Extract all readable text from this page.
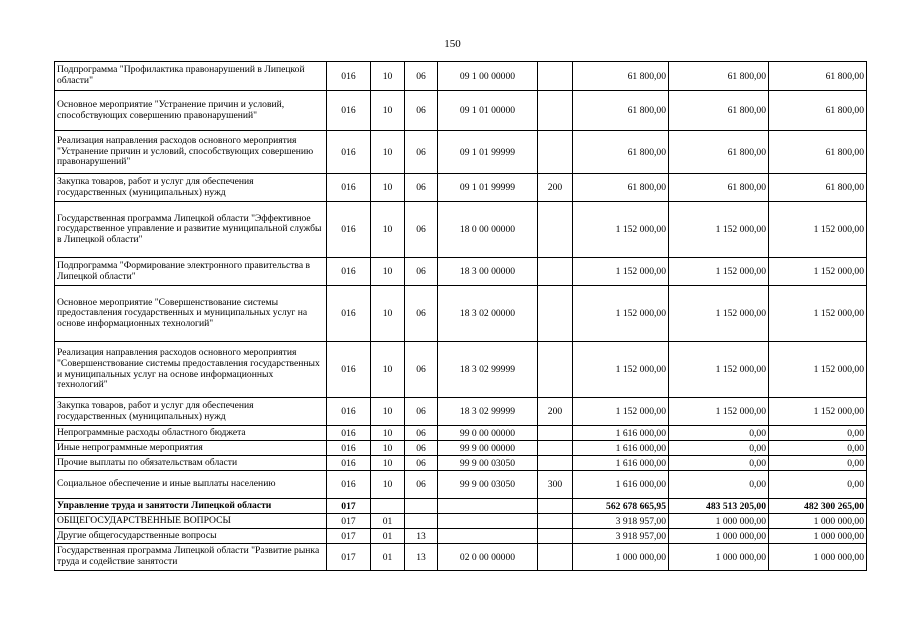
150
Подпрограмма "Профилактика правонарушений в Липецкой области"	016	10	06	09 1 00 00000		61 800,00	61 800,00	61 800,00
Основное мероприятие "Устранение причин и условий, способствующих совершению правонарушений"	016	10	06	09 1 01 00000		61 800,00	61 800,00	61 800,00
Реализация направления расходов основного мероприятия "Устранение причин и условий, способствующих совершению правонарушений"	016	10	06	09 1 01 99999		61 800,00	61 800,00	61 800,00
Закупка товаров, работ и услуг для обеспечения государственных (муниципальных) нужд	016	10	06	09 1 01 99999	200	61 800,00	61 800,00	61 800,00
Государственная программа Липецкой области "Эффективное государственное управление и развитие муниципальной службы в Липецкой области"	016	10	06	18 0 00 00000		1 152 000,00	1 152 000,00	1 152 000,00
Подпрограмма "Формирование электронного правительства в Липецкой области"	016	10	06	18 3 00 00000		1 152 000,00	1 152 000,00	1 152 000,00
Основное мероприятие "Совершенствование системы предоставления государственных и муниципальных услуг на основе информационных технологий"	016	10	06	18 3 02 00000		1 152 000,00	1 152 000,00	1 152 000,00
Реализация направления расходов основного мероприятия "Совершенствование системы предоставления государственных и муниципальных услуг на основе информационных технологий"	016	10	06	18 3 02 99999		1 152 000,00	1 152 000,00	1 152 000,00
Закупка товаров, работ и услуг для обеспечения государственных (муниципальных) нужд	016	10	06	18 3 02 99999	200	1 152 000,00	1 152 000,00	1 152 000,00
Непрограммные расходы областного бюджета	016	10	06	99 0 00 00000		1 616 000,00	0,00	0,00
Иные непрограммные мероприятия	016	10	06	99 9 00 00000		1 616 000,00	0,00	0,00
Прочие выплаты по обязательствам области	016	10	06	99 9 00 03050		1 616 000,00	0,00	0,00
Социальное обеспечение и иные выплаты населению	016	10	06	99 9 00 03050	300	1 616 000,00	0,00	0,00
Управление труда и занятости Липецкой области	017					562 678 665,95	483 513 205,00	482 300 265,00
ОБЩЕГОСУДАРСТВЕННЫЕ ВОПРОСЫ	017	01				3 918 957,00	1 000 000,00	1 000 000,00
Другие общегосударственные вопросы	017	01	13			3 918 957,00	1 000 000,00	1 000 000,00
Государственная программа Липецкой области "Развитие рынка труда и содействие занятости	017	01	13	02 0 00 00000		1 000 000,00	1 000 000,00	1 000 000,00
